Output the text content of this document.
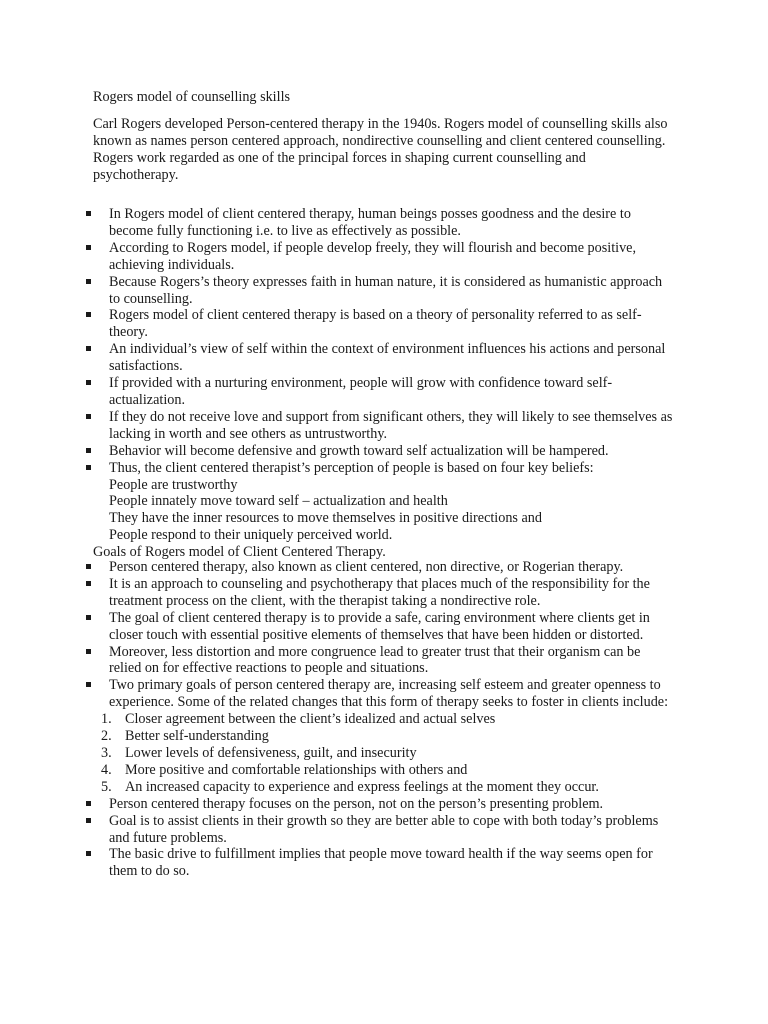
Rogers model of counselling skills

Carl Rogers developed Person-centered therapy in the 1940s. Rogers model of counselling skills also known as names person centered approach, nondirective counselling and client centered counselling. Rogers work regarded as one of the principal forces in shaping current counselling and psychotherapy.

In Rogers model of client centered therapy, human beings posses goodness and the desire to become fully functioning i.e. to live as effectively as possible.
According to Rogers model, if people develop freely, they will flourish and become positive, achieving individuals.
Because Rogers’s theory expresses faith in human nature, it is considered as humanistic approach to counselling.
Rogers model of client centered therapy is based on a theory of personality referred to as self-theory.
An individual’s view of self within the context of environment influences his actions and personal satisfactions.
If provided with a nurturing environment, people will grow with confidence toward self-actualization.
If they do not receive love and support from significant others, they will likely to see themselves as lacking in worth and see others as untrustworthy.
Behavior will become defensive and growth toward self actualization will be hampered.
Thus, the client centered therapist’s perception of people is based on four key beliefs:
People are trustworthy
People innately move toward self – actualization and health
They have the inner resources to move themselves in positive directions and
People respond to their uniquely perceived world.
Goals of Rogers model of Client Centered Therapy.
Person centered therapy, also known as client centered, non directive, or Rogerian therapy.
It is an approach to counseling and psychotherapy that places much of the responsibility for the treatment process on the client, with the therapist taking a nondirective role.
The goal of client centered therapy is to provide a safe, caring environment where clients get in closer touch with essential positive elements of themselves that have been hidden or distorted.
Moreover, less distortion and more congruence lead to greater trust that their organism can be relied on for effective reactions to people and situations.
Two primary goals of person centered therapy are, increasing self esteem and greater openness to experience. Some of the related changes that this form of therapy seeks to foster in clients include:
1. Closer agreement between the client’s idealized and actual selves
2. Better self-understanding
3. Lower levels of defensiveness, guilt, and insecurity
4. More positive and comfortable relationships with others and
5. An increased capacity to experience and express feelings at the moment they occur.
Person centered therapy focuses on the person, not on the person’s presenting problem.
Goal is to assist clients in their growth so they are better able to cope with both today’s problems and future problems.
The basic drive to fulfillment implies that people move toward health if the way seems open for them to do so.
